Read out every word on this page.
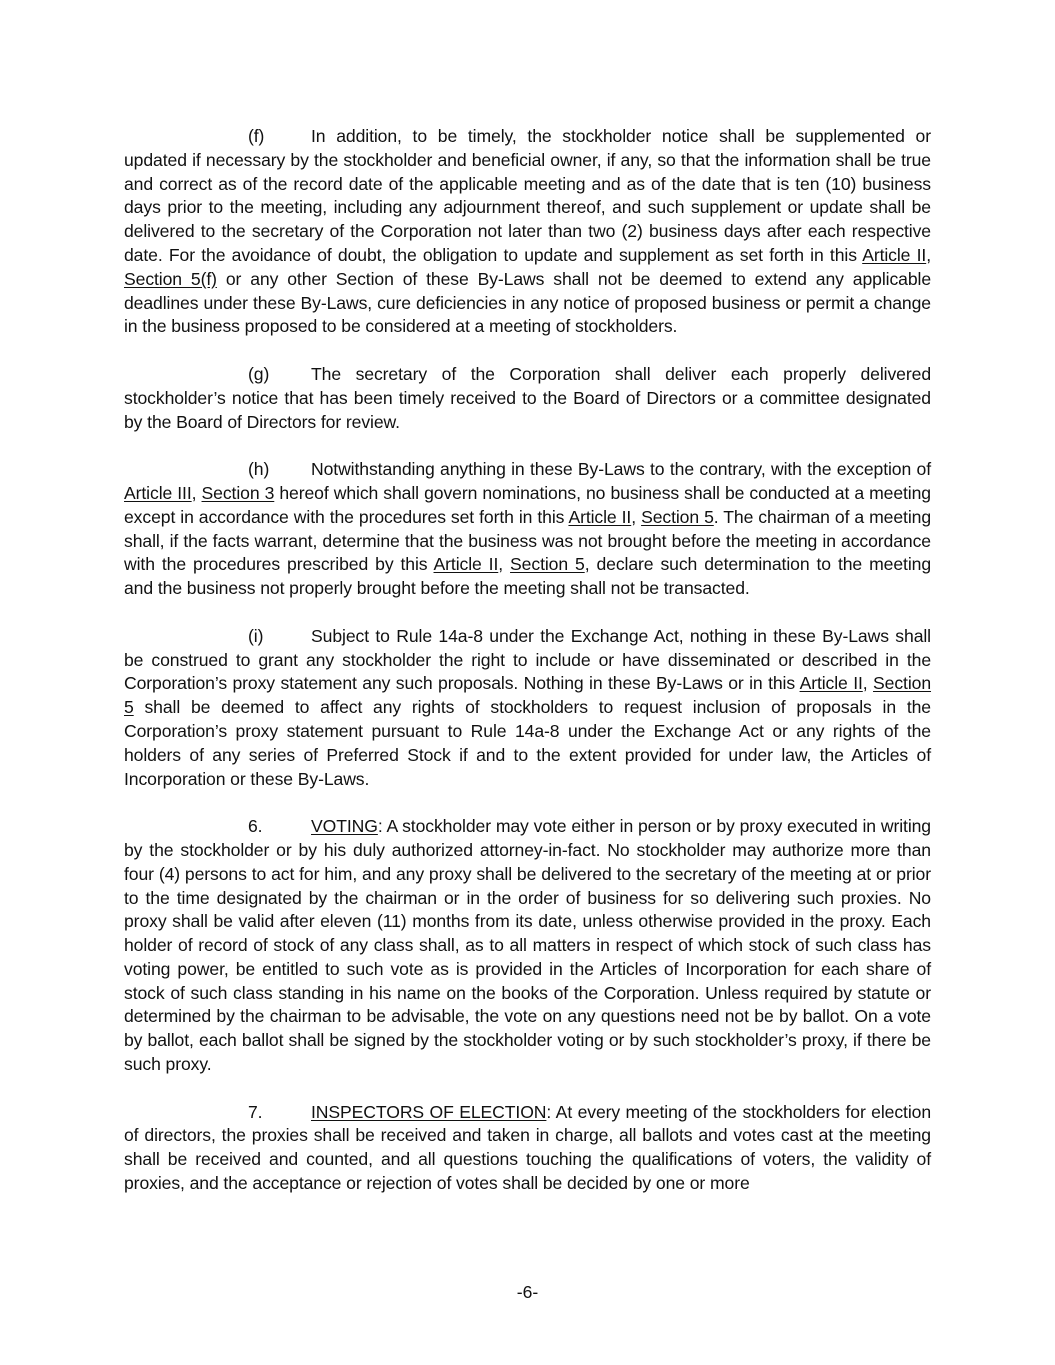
(f)	In addition, to be timely, the stockholder notice shall be supplemented or updated if necessary by the stockholder and beneficial owner, if any, so that the information shall be true and correct as of the record date of the applicable meeting and as of the date that is ten (10) business days prior to the meeting, including any adjournment thereof, and such supplement or update shall be delivered to the secretary of the Corporation not later than two (2) business days after each respective date. For the avoidance of doubt, the obligation to update and supplement as set forth in this Article II, Section 5(f) or any other Section of these By-Laws shall not be deemed to extend any applicable deadlines under these By-Laws, cure deficiencies in any notice of proposed business or permit a change in the business proposed to be considered at a meeting of stockholders.

(g) The secretary of the Corporation shall deliver each properly delivered stockholder’s notice that has been timely received to the Board of Directors or a committee designated by the Board of Directors for review.

(h) Notwithstanding anything in these By-Laws to the contrary, with the exception of Article III, Section 3 hereof which shall govern nominations, no business shall be conducted at a meeting except in accordance with the procedures set forth in this Article II, Section 5. The chairman of a meeting shall, if the facts warrant, determine that the business was not brought before the meeting in accordance with the procedures prescribed by this Article II, Section 5, declare such determination to the meeting and the business not properly brought before the meeting shall not be transacted.

(i)	Subject to Rule 14a-8 under the Exchange Act, nothing in these By-Laws shall be construed to grant any stockholder the right to include or have disseminated or described in the Corporation’s proxy statement any such proposals. Nothing in these By-Laws or in this Article II, Section 5 shall be deemed to affect any rights of stockholders to request inclusion of proposals in the Corporation’s proxy statement pursuant to Rule 14a-8 under the Exchange Act or any rights of the holders of any series of Preferred Stock if and to the extent provided for under law, the Articles of Incorporation or these By-Laws.

6.	VOTING: A stockholder may vote either in person or by proxy executed in writing by the stockholder or by his duly authorized attorney-in-fact. No stockholder may authorize more than four (4) persons to act for him, and any proxy shall be delivered to the secretary of the meeting at or prior to the time designated by the chairman or in the order of business for so delivering such proxies. No proxy shall be valid after eleven (11) months from its date, unless otherwise provided in the proxy. Each holder of record of stock of any class shall, as to all matters in respect of which stock of such class has voting power, be entitled to such vote as is provided in the Articles of Incorporation for each share of stock of such class standing in his name on the books of the Corporation. Unless required by statute or determined by the chairman to be advisable, the vote on any questions need not be by ballot. On a vote by ballot, each ballot shall be signed by the stockholder voting or by such stockholder’s proxy, if there be such proxy.

7.	INSPECTORS OF ELECTION: At every meeting of the stockholders for election of directors, the proxies shall be received and taken in charge, all ballots and votes cast at the meeting shall be received and counted, and all questions touching the qualifications of voters, the validity of proxies, and the acceptance or rejection of votes shall be decided by one or more

-6-
